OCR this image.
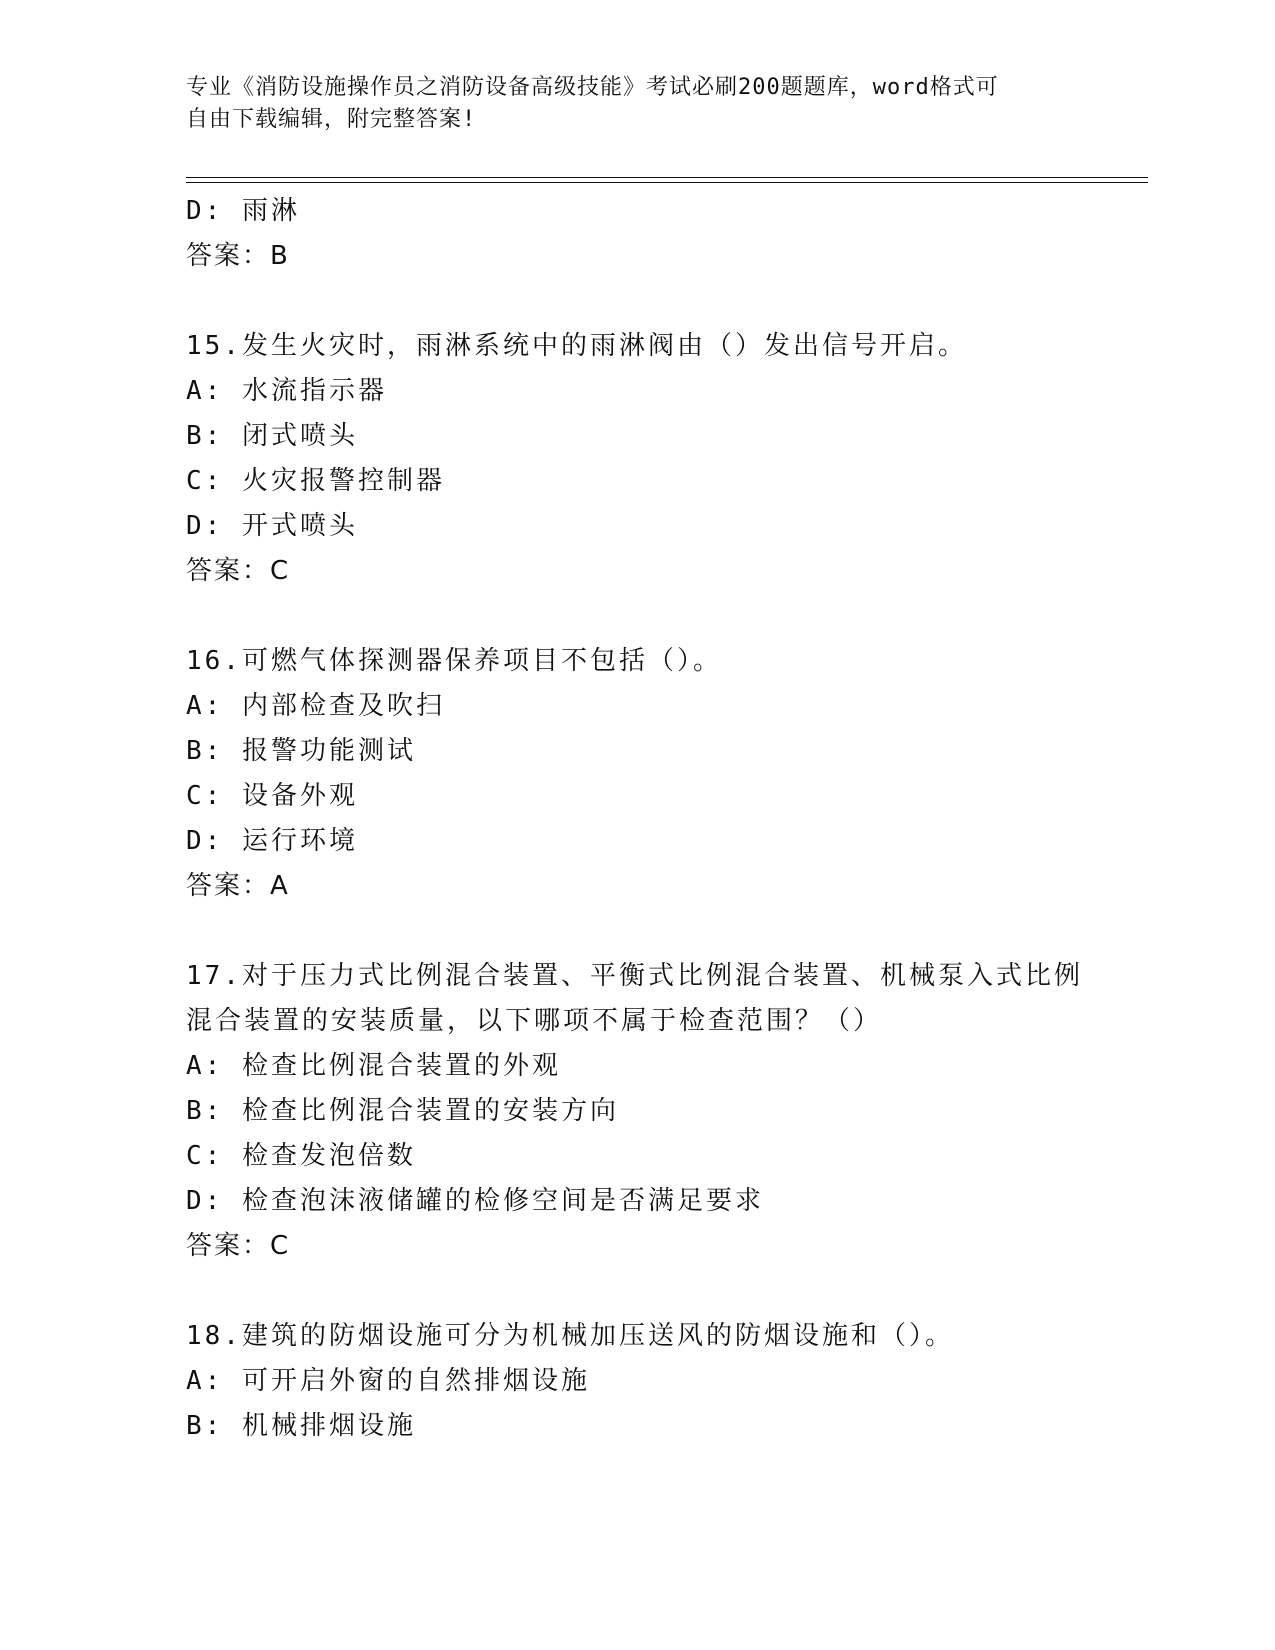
专业《消防设施操作员之消防设备高级技能》考试必刷200题题库，word格式可
自由下载编辑，附完整答案!
D: 雨淋
答案：B
15.发生火灾时，雨淋系统中的雨淋阀由（）发出信号开启。
A: 水流指示器
B: 闭式喷头
C: 火灾报警控制器
D: 开式喷头
答案：C
16.可燃气体探测器保养项目不包括（）。
A: 内部检查及吹扫
B: 报警功能测试
C: 设备外观
D: 运行环境
答案：A
17.对于压力式比例混合装置、平衡式比例混合装置、机械泵入式比例
混合装置的安装质量，以下哪项不属于检查范围？（）
A: 检查比例混合装置的外观
B: 检查比例混合装置的安装方向
C: 检查发泡倍数
D: 检查泡沫液储罐的检修空间是否满足要求
答案：C
18.建筑的防烟设施可分为机械加压送风的防烟设施和（）。
A: 可开启外窗的自然排烟设施
B: 机械排烟设施
